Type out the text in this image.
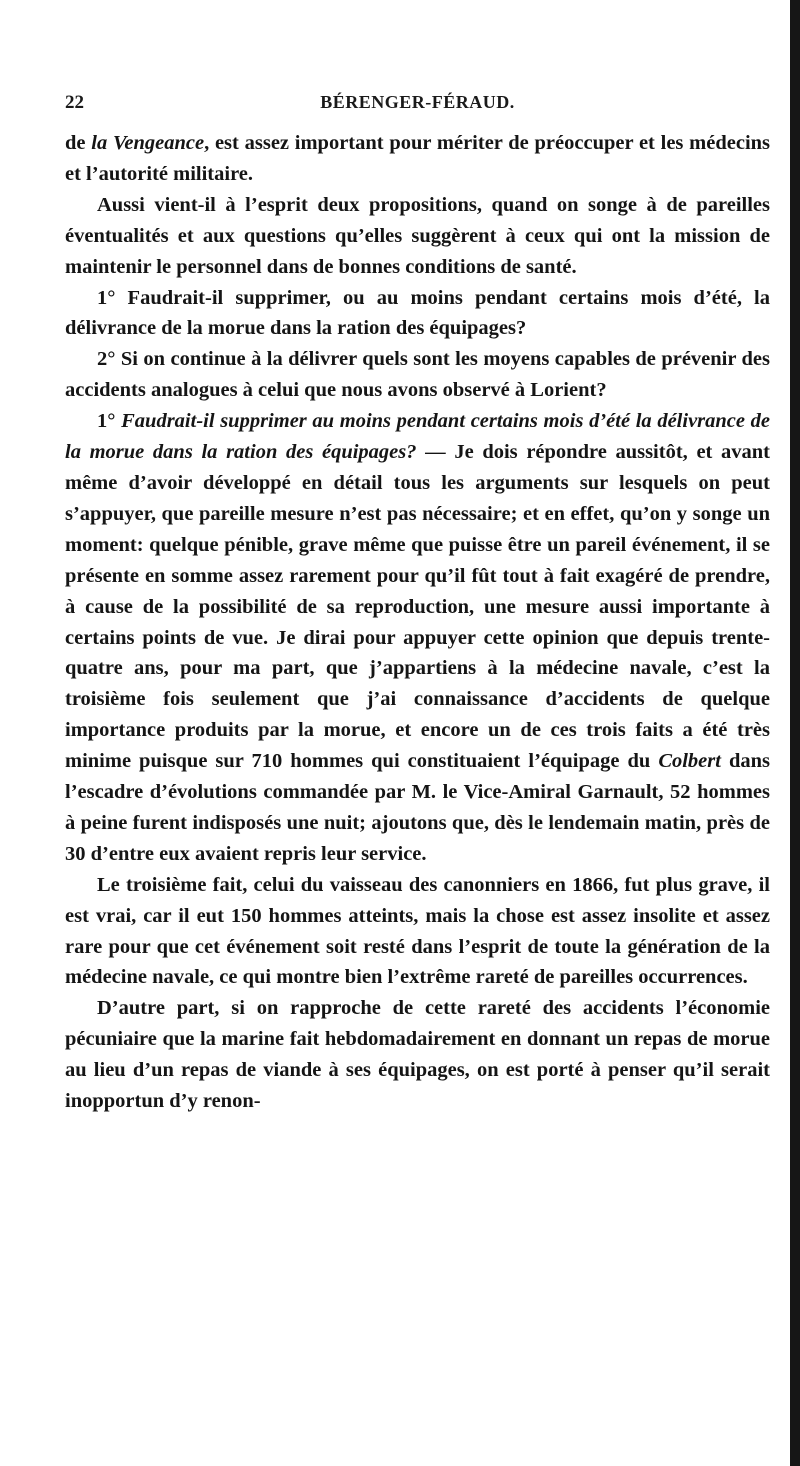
22	BÉRENGER-FÉRAUD.

de la Vengeance, est assez important pour mériter de préoccuper et les médecins et l’autorité militaire.

Aussi vient-il à l’esprit deux propositions, quand on songe à de pareilles éventualités et aux questions qu’elles suggèrent à ceux qui ont la mission de maintenir le personnel dans de bonnes conditions de santé.

1° Faudrait-il supprimer, ou au moins pendant certains mois d’été, la délivrance de la morue dans la ration des équipages?

2° Si on continue à la délivrer quels sont les moyens capables de prévenir des accidents analogues à celui que nous avons observé à Lorient?

1° Faudrait-il supprimer au moins pendant certains mois d’été la délivrance de la morue dans la ration des équipages? — Je dois répondre aussitôt, et avant même d’avoir développé en détail tous les arguments sur lesquels on peut s’appuyer, que pareille mesure n’est pas nécessaire; et en effet, qu’on y songe un moment: quelque pénible, grave même que puisse être un pareil événement, il se présente en somme assez rarement pour qu’il fût tout à fait exagéré de prendre, à cause de la possibilité de sa reproduction, une mesure aussi importante à certains points de vue. Je dirai pour appuyer cette opinion que depuis trente-quatre ans, pour ma part, que j’appartiens à la médecine navale, c’est la troisième fois seulement que j’ai connaissance d’accidents de quelque importance produits par la morue, et encore un de ces trois faits a été très minime puisque sur 710 hommes qui constituaient l’équipage du Colbert dans l’escadre d’évolutions commandée par M. le Vice-Amiral Garnault, 52 hommes à peine furent indisposés une nuit; ajoutons que, dès le lendemain matin, près de 30 d’entre eux avaient repris leur service.

Le troisième fait, celui du vaisseau des canonniers en 1866, fut plus grave, il est vrai, car il eut 150 hommes atteints, mais la chose est assez insolite et assez rare pour que cet événement soit resté dans l’esprit de toute la génération de la médecine navale, ce qui montre bien l’extrême rareté de pareilles occurrences.

D’autre part, si on rapproche de cette rareté des accidents l’économie pécuniaire que la marine fait hebdomadairement en donnant un repas de morue au lieu d’un repas de viande à ses équipages, on est porté à penser qu’il serait inopportun d’y renon-
